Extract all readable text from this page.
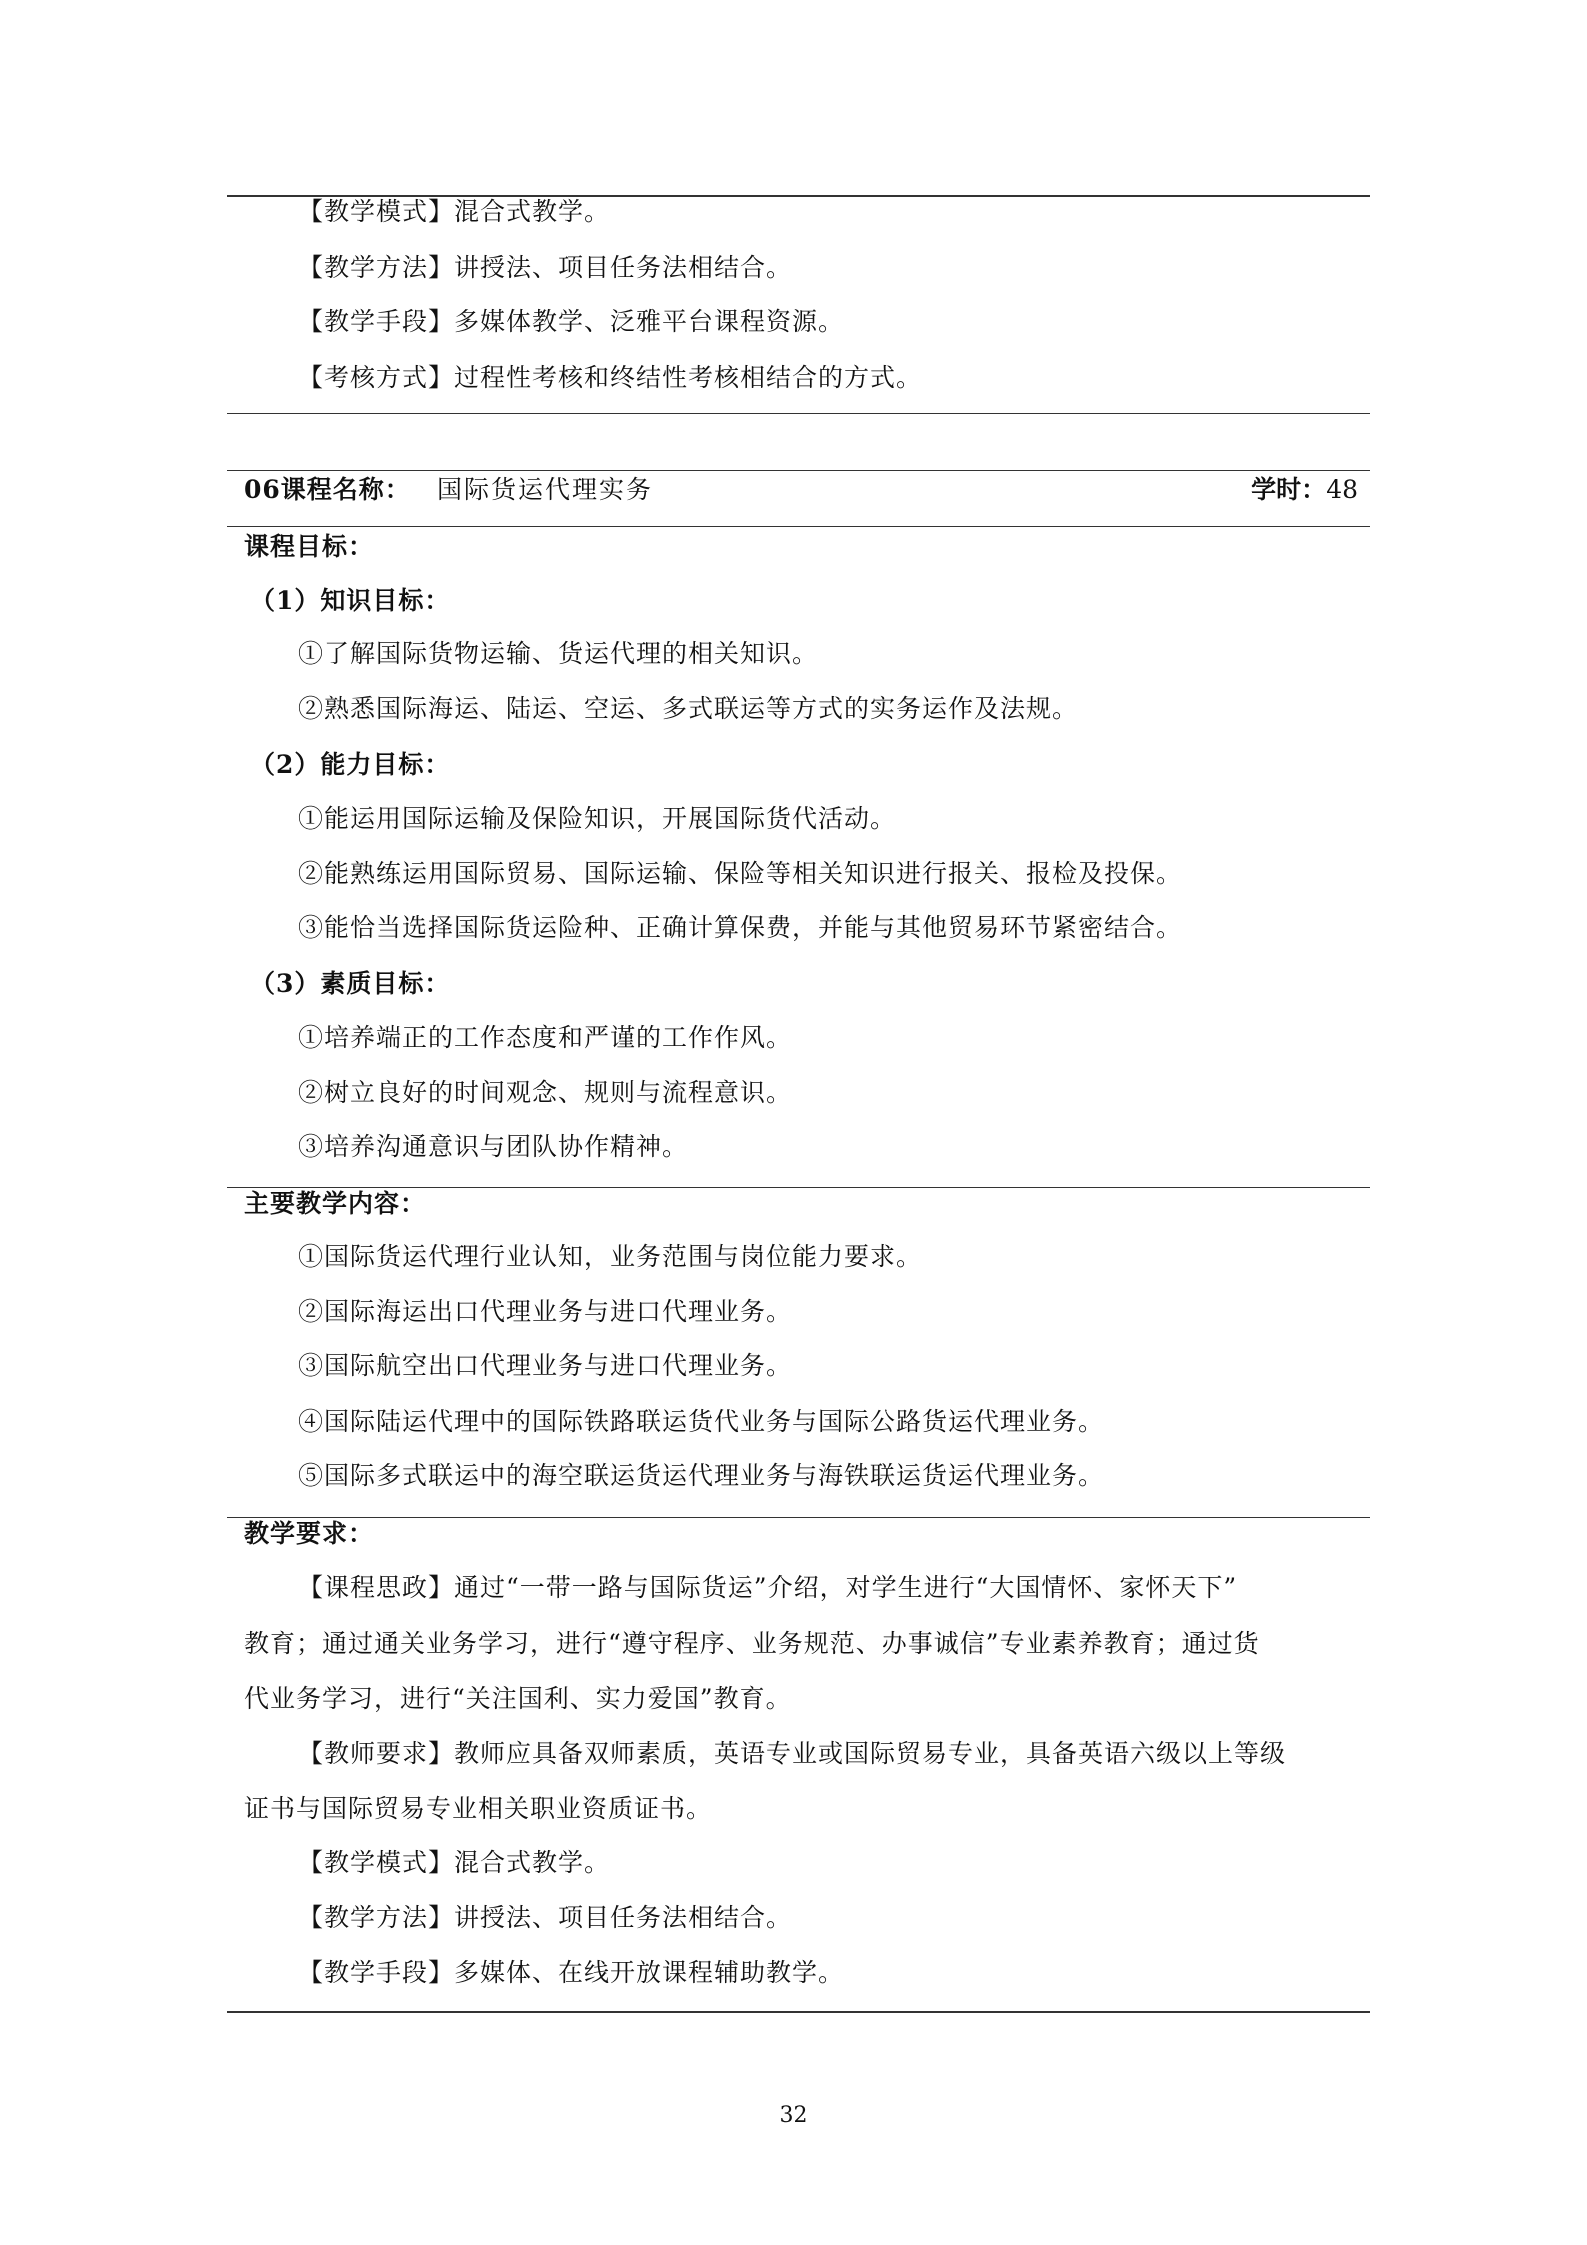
【教学模式】混合式教学。
【教学方法】讲授法、项目任务法相结合。
【教学手段】多媒体教学、泛雅平台课程资源。
【考核方式】过程性考核和终结性考核相结合的方式。
06课程名称： 国际货运代理实务	学时：48
课程目标：
（1）知识目标：
①了解国际货物运输、货运代理的相关知识。
②熟悉国际海运、陆运、空运、多式联运等方式的实务运作及法规。
（2）能力目标：
①能运用国际运输及保险知识，开展国际货代活动。
②能熟练运用国际贸易、国际运输、保险等相关知识进行报关、报检及投保。
③能恰当选择国际货运险种、正确计算保费，并能与其他贸易环节紧密结合。
（3）素质目标：
①培养端正的工作态度和严谨的工作作风。
②树立良好的时间观念、规则与流程意识。
③培养沟通意识与团队协作精神。
主要教学内容：
①国际货运代理行业认知，业务范围与岗位能力要求。
②国际海运出口代理业务与进口代理业务。
③国际航空出口代理业务与进口代理业务。
④国际陆运代理中的国际铁路联运货代业务与国际公路货运代理业务。
⑤国际多式联运中的海空联运货运代理业务与海铁联运货运代理业务。
教学要求：
【课程思政】通过“一带一路与国际货运”介绍，对学生进行“大国情怀、家怀天下”
教育；通过通关业务学习，进行“遵守程序、业务规范、办事诚信”专业素养教育；通过货
代业务学习，进行“关注国利、实力爱国”教育。
【教师要求】教师应具备双师素质，英语专业或国际贸易专业，具备英语六级以上等级
证书与国际贸易专业相关职业资质证书。
【教学模式】混合式教学。
【教学方法】讲授法、项目任务法相结合。
【教学手段】多媒体、在线开放课程辅助教学。
32
